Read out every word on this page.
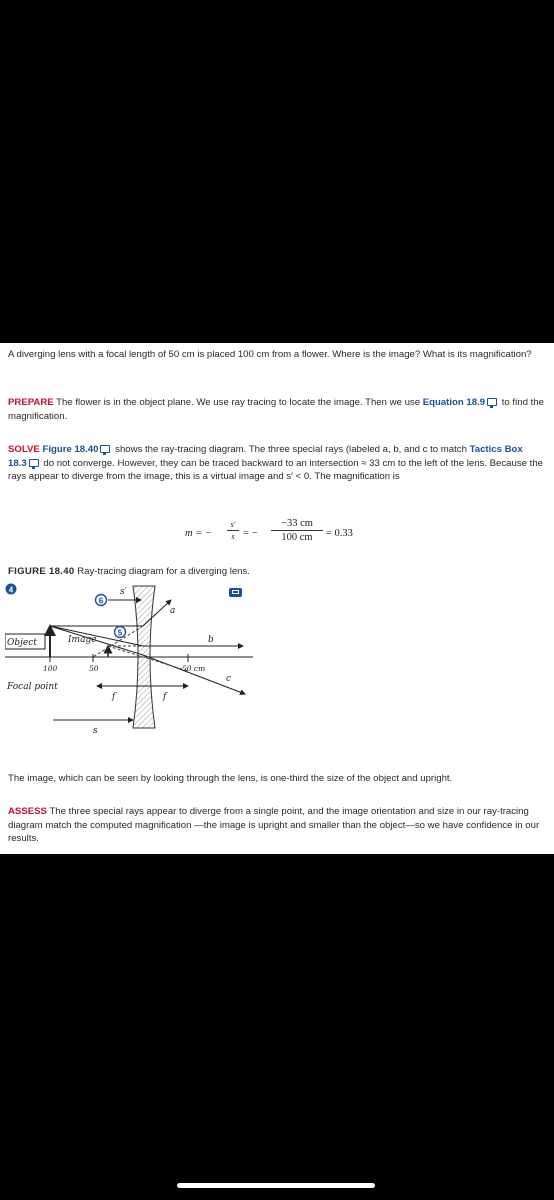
A diverging lens with a focal length of 50 cm is placed 100 cm from a flower. Where is the image? What is its magnification?
PREPARE The flower is in the object plane. We use ray tracing to locate the image. Then we use Equation 18.9 to find the magnification.
SOLVE Figure 18.40 shows the ray-tracing diagram. The three special rays (labeled a, b, and c to match Tactics Box 18.3 do not converge. However, they can be traced backward to an intersection ≈ 33 cm to the left of the lens. Because the rays appear to diverge from the image, this is a virtual image and s′ < 0. The magnification is
m = −
s′
s = −
−33 cm
100 cm	= 0.33
FIGURE 18.40 Ray-tracing diagram for a diverging lens.
4
5
6
Object	Image
100	50	50 cm
Focal point
f	f
s
s′
a
b
c
The image, which can be seen by looking through the lens, is one-third the size of the object and upright.
ASSESS The three special rays appear to diverge from a single point, and the image orientation and size in our ray-tracing diagram match the computed magnification —the image is upright and smaller than the object—so we have confidence in our results.
